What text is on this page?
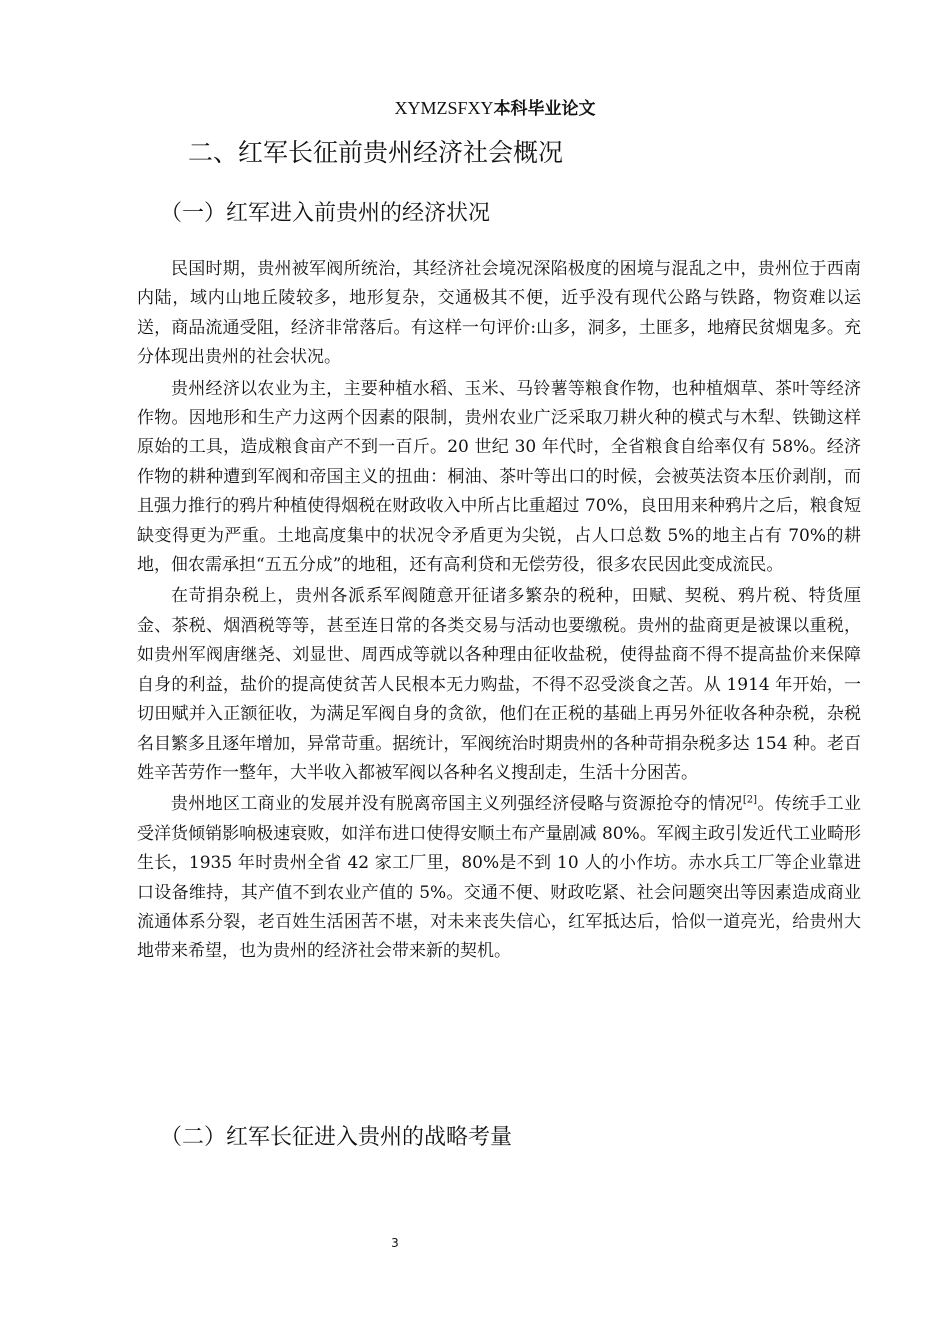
XYMZSFXY本科毕业论文
二、红军长征前贵州经济社会概况
（一）红军进入前贵州的经济状况

民国时期，贵州被军阀所统治，其经济社会境况深陷极度的困境与混乱之中，贵州位于西南内陆，域内山地丘陵较多，地形复杂，交通极其不便，近乎没有现代公路与铁路，物资难以运送，商品流通受阻，经济非常落后。有这样一句评价:山多，洞多，土匪多，地瘠民贫烟鬼多。充分体现出贵州的社会状况。

贵州经济以农业为主，主要种植水稻、玉米、马铃薯等粮食作物，也种植烟草、茶叶等经济作物。因地形和生产力这两个因素的限制，贵州农业广泛采取刀耕火种的模式与木犁、铁锄这样原始的工具，造成粮食亩产不到一百斤。20 世纪 30 年代时，全省粮食自给率仅有 58%。经济作物的耕种遭到军阀和帝国主义的扭曲：桐油、茶叶等出口的时候，会被英法资本压价剥削，而且强力推行的鸦片种植使得烟税在财政收入中所占比重超过 70%，良田用来种鸦片之后，粮食短缺变得更为严重。土地高度集中的状况令矛盾更为尖锐，占人口总数 5%的地主占有 70%的耕地，佃农需承担“五五分成”的地租，还有高利贷和无偿劳役，很多农民因此变成流民。

在苛捐杂税上，贵州各派系军阀随意开征诸多繁杂的税种，田赋、契税、鸦片税、特货厘金、茶税、烟酒税等等，甚至连日常的各类交易与活动也要缴税。贵州的盐商更是被课以重税，如贵州军阀唐继尧、刘显世、周西成等就以各种理由征收盐税，使得盐商不得不提高盐价来保障自身的利益，盐价的提高使贫苦人民根本无力购盐，不得不忍受淡食之苦。从 1914 年开始，一切田赋并入正额征收，为满足军阀自身的贪欲，他们在正税的基础上再另外征收各种杂税，杂税名目繁多且逐年增加，异常苛重。据统计，军阀统治时期贵州的各种苛捐杂税多达 154 种。老百姓辛苦劳作一整年，大半收入都被军阀以各种名义搜刮走，生活十分困苦。

贵州地区工商业的发展并没有脱离帝国主义列强经济侵略与资源抢夺的情况[2]。传统手工业受洋货倾销影响极速衰败，如洋布进口使得安顺土布产量剧减 80%。军阀主政引发近代工业畸形生长，1935 年时贵州全省 42 家工厂里，80%是不到 10 人的小作坊。赤水兵工厂等企业靠进口设备维持，其产值不到农业产值的 5%。交通不便、财政吃紧、社会问题突出等因素造成商业流通体系分裂，老百姓生活困苦不堪，对未来丧失信心，红军抵达后，恰似一道亮光，给贵州大地带来希望，也为贵州的经济社会带来新的契机。

（二）红军长征进入贵州的战略考量
3
